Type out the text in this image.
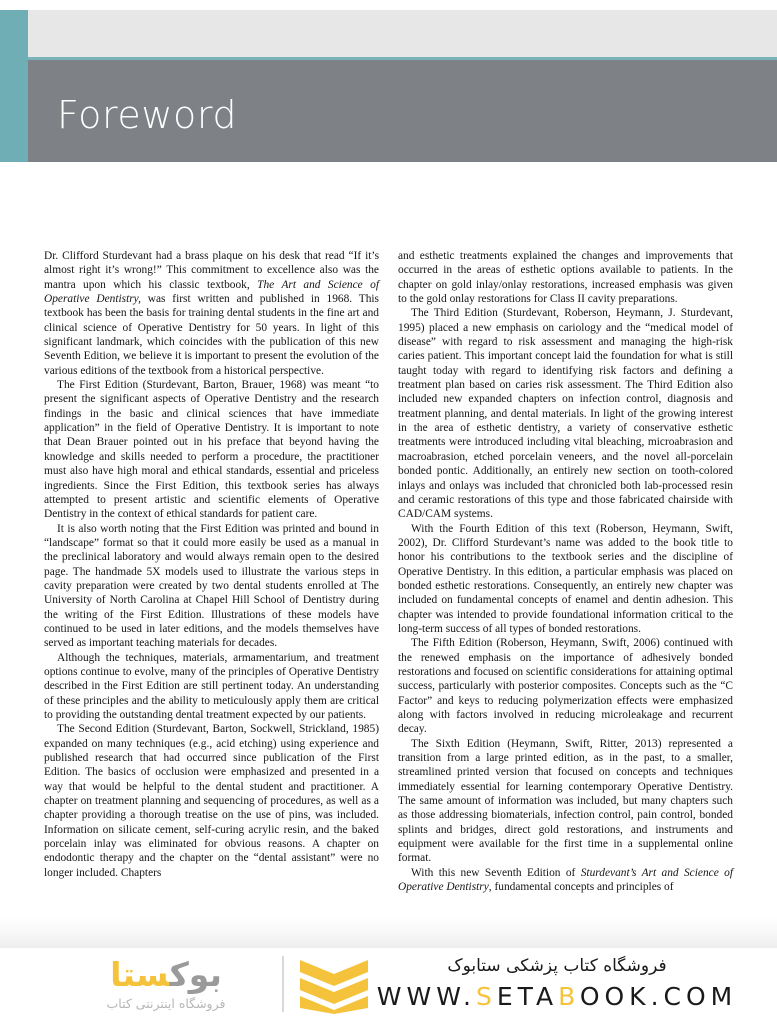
Foreword

Dr. Clifford Sturdevant had a brass plaque on his desk that read “If it’s almost right it’s wrong!” This commitment to excellence also was the mantra upon which his classic textbook, The Art and Science of Operative Dentistry, was first written and published in 1968. This textbook has been the basis for training dental students in the fine art and clinical science of Operative Dentistry for 50 years. In light of this significant landmark, which coincides with the publication of this new Seventh Edition, we believe it is important to present the evolution of the various editions of the textbook from a historical perspective.

The First Edition (Sturdevant, Barton, Brauer, 1968) was meant “to present the significant aspects of Operative Dentistry and the research findings in the basic and clinical sciences that have immediate application” in the field of Operative Dentistry. It is important to note that Dean Brauer pointed out in his preface that beyond having the knowledge and skills needed to perform a procedure, the practitioner must also have high moral and ethical standards, essential and priceless ingredients. Since the First Edition, this textbook series has always attempted to present artistic and scientific elements of Operative Dentistry in the context of ethical standards for patient care.

It is also worth noting that the First Edition was printed and bound in “landscape” format so that it could more easily be used as a manual in the preclinical laboratory and would always remain open to the desired page. The handmade 5X models used to illustrate the various steps in cavity preparation were created by two dental students enrolled at The University of North Carolina at Chapel Hill School of Dentistry during the writing of the First Edition. Illustrations of these models have continued to be used in later editions, and the models themselves have served as important teaching materials for decades.

Although the techniques, materials, armamentarium, and treatment options continue to evolve, many of the principles of Operative Dentistry described in the First Edition are still pertinent today. An understanding of these principles and the ability to meticulously apply them are critical to providing the outstanding dental treatment expected by our patients.

The Second Edition (Sturdevant, Barton, Sockwell, Strickland, 1985) expanded on many techniques (e.g., acid etching) using experience and published research that had occurred since publication of the First Edition. The basics of occlusion were emphasized and presented in a way that would be helpful to the dental student and practitioner. A chapter on treatment planning and sequencing of procedures, as well as a chapter providing a thorough treatise on the use of pins, was included. Information on silicate cement, self-curing acrylic resin, and the baked porcelain inlay was eliminated for obvious reasons. A chapter on endodontic therapy and the chapter on the “dental assistant” were no longer included. Chapters

and esthetic treatments explained the changes and improvements that occurred in the areas of esthetic options available to patients. In the chapter on gold inlay/onlay restorations, increased emphasis was given to the gold onlay restorations for Class II cavity preparations.

The Third Edition (Sturdevant, Roberson, Heymann, J. Sturdevant, 1995) placed a new emphasis on cariology and the “medical model of disease” with regard to risk assessment and managing the high-risk caries patient. This important concept laid the foundation for what is still taught today with regard to identifying risk factors and defining a treatment plan based on caries risk assessment. The Third Edition also included new expanded chapters on infection control, diagnosis and treatment planning, and dental materials. In light of the growing interest in the area of esthetic dentistry, a variety of conservative esthetic treatments were introduced including vital bleaching, microabrasion and macroabrasion, etched porcelain veneers, and the novel all-porcelain bonded pontic. Additionally, an entirely new section on tooth-colored inlays and onlays was included that chronicled both lab-processed resin and ceramic restorations of this type and those fabricated chairside with CAD/CAM systems.

With the Fourth Edition of this text (Roberson, Heymann, Swift, 2002), Dr. Clifford Sturdevant’s name was added to the book title to honor his contributions to the textbook series and the discipline of Operative Dentistry. In this edition, a particular emphasis was placed on bonded esthetic restorations. Consequently, an entirely new chapter was included on fundamental concepts of enamel and dentin adhesion. This chapter was intended to provide foundational information critical to the long-term success of all types of bonded restorations.

The Fifth Edition (Roberson, Heymann, Swift, 2006) continued with the renewed emphasis on the importance of adhesively bonded restorations and focused on scientific considerations for attaining optimal success, particularly with posterior composites. Concepts such as the “C Factor” and keys to reducing polymerization effects were emphasized along with factors involved in reducing microleakage and recurrent decay.

The Sixth Edition (Heymann, Swift, Ritter, 2013) represented a transition from a large printed edition, as in the past, to a smaller, streamlined printed version that focused on concepts and techniques immediately essential for learning contemporary Operative Dentistry. The same amount of information was included, but many chapters such as those addressing biomaterials, infection control, pain control, bonded splints and bridges, direct gold restorations, and instruments and equipment were available for the first time in a supplemental online format.

With this new Seventh Edition of Sturdevant’s Art and Science of Operative Dentistry, fundamental concepts and principles of

بوکستا
فروشگاه اینترنتی کتاب
فروشگاه کتاب پزشکی ستابوک
WWW.SETABOOK.COM
